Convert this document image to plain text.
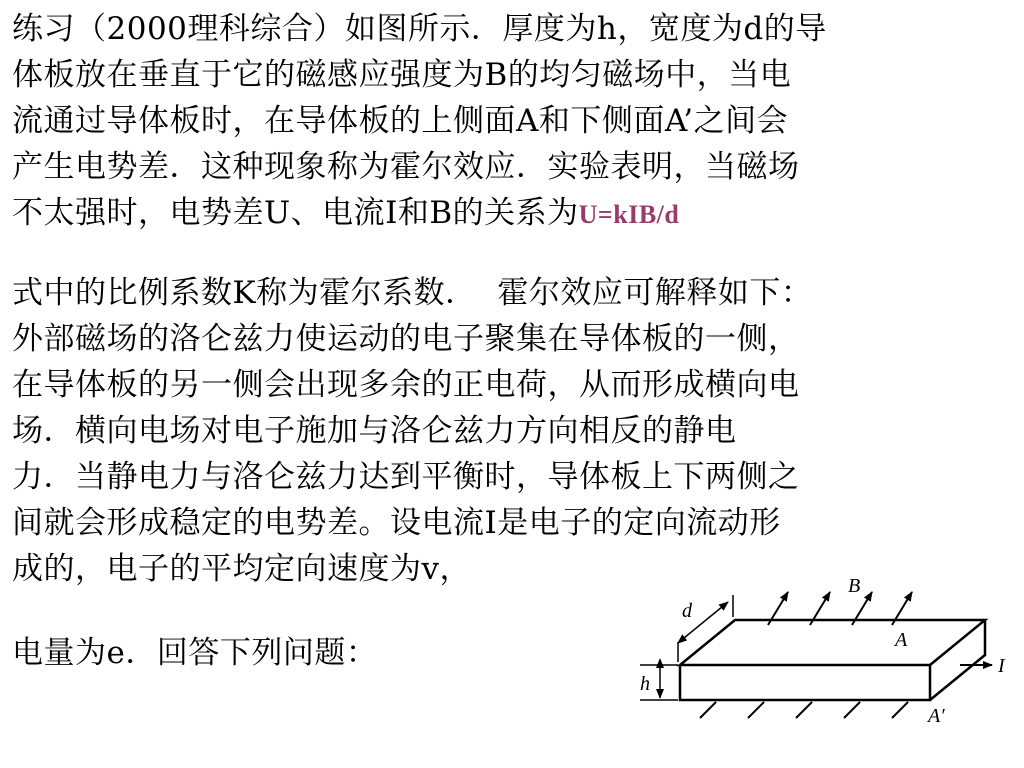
练习（2000理科综合）如图所示．厚度为h，宽度为d的导
体板放在垂直于它的磁感应强度为B的均匀磁场中，当电
流通过导体板时，在导体板的上侧面A和下侧面A’之间会
产生电势差．这种现象称为霍尔效应．实验表明，当磁场
不太强时，电势差U、电流I和B的关系为U=kIB/d
式中的比例系数K称为霍尔系数．  霍尔效应可解释如下：
外部磁场的洛仑兹力使运动的电子聚集在导体板的一侧，
在导体板的另一侧会出现多余的正电荷，从而形成横向电
场．横向电场对电子施加与洛仑兹力方向相反的静电
力．当静电力与洛仑兹力达到平衡时，导体板上下两侧之
间就会形成稳定的电势差。设电流I是电子的定向流动形
成的，电子的平均定向速度为v，
电量为e．回答下列问题：
d
B
A
I
h
A′
